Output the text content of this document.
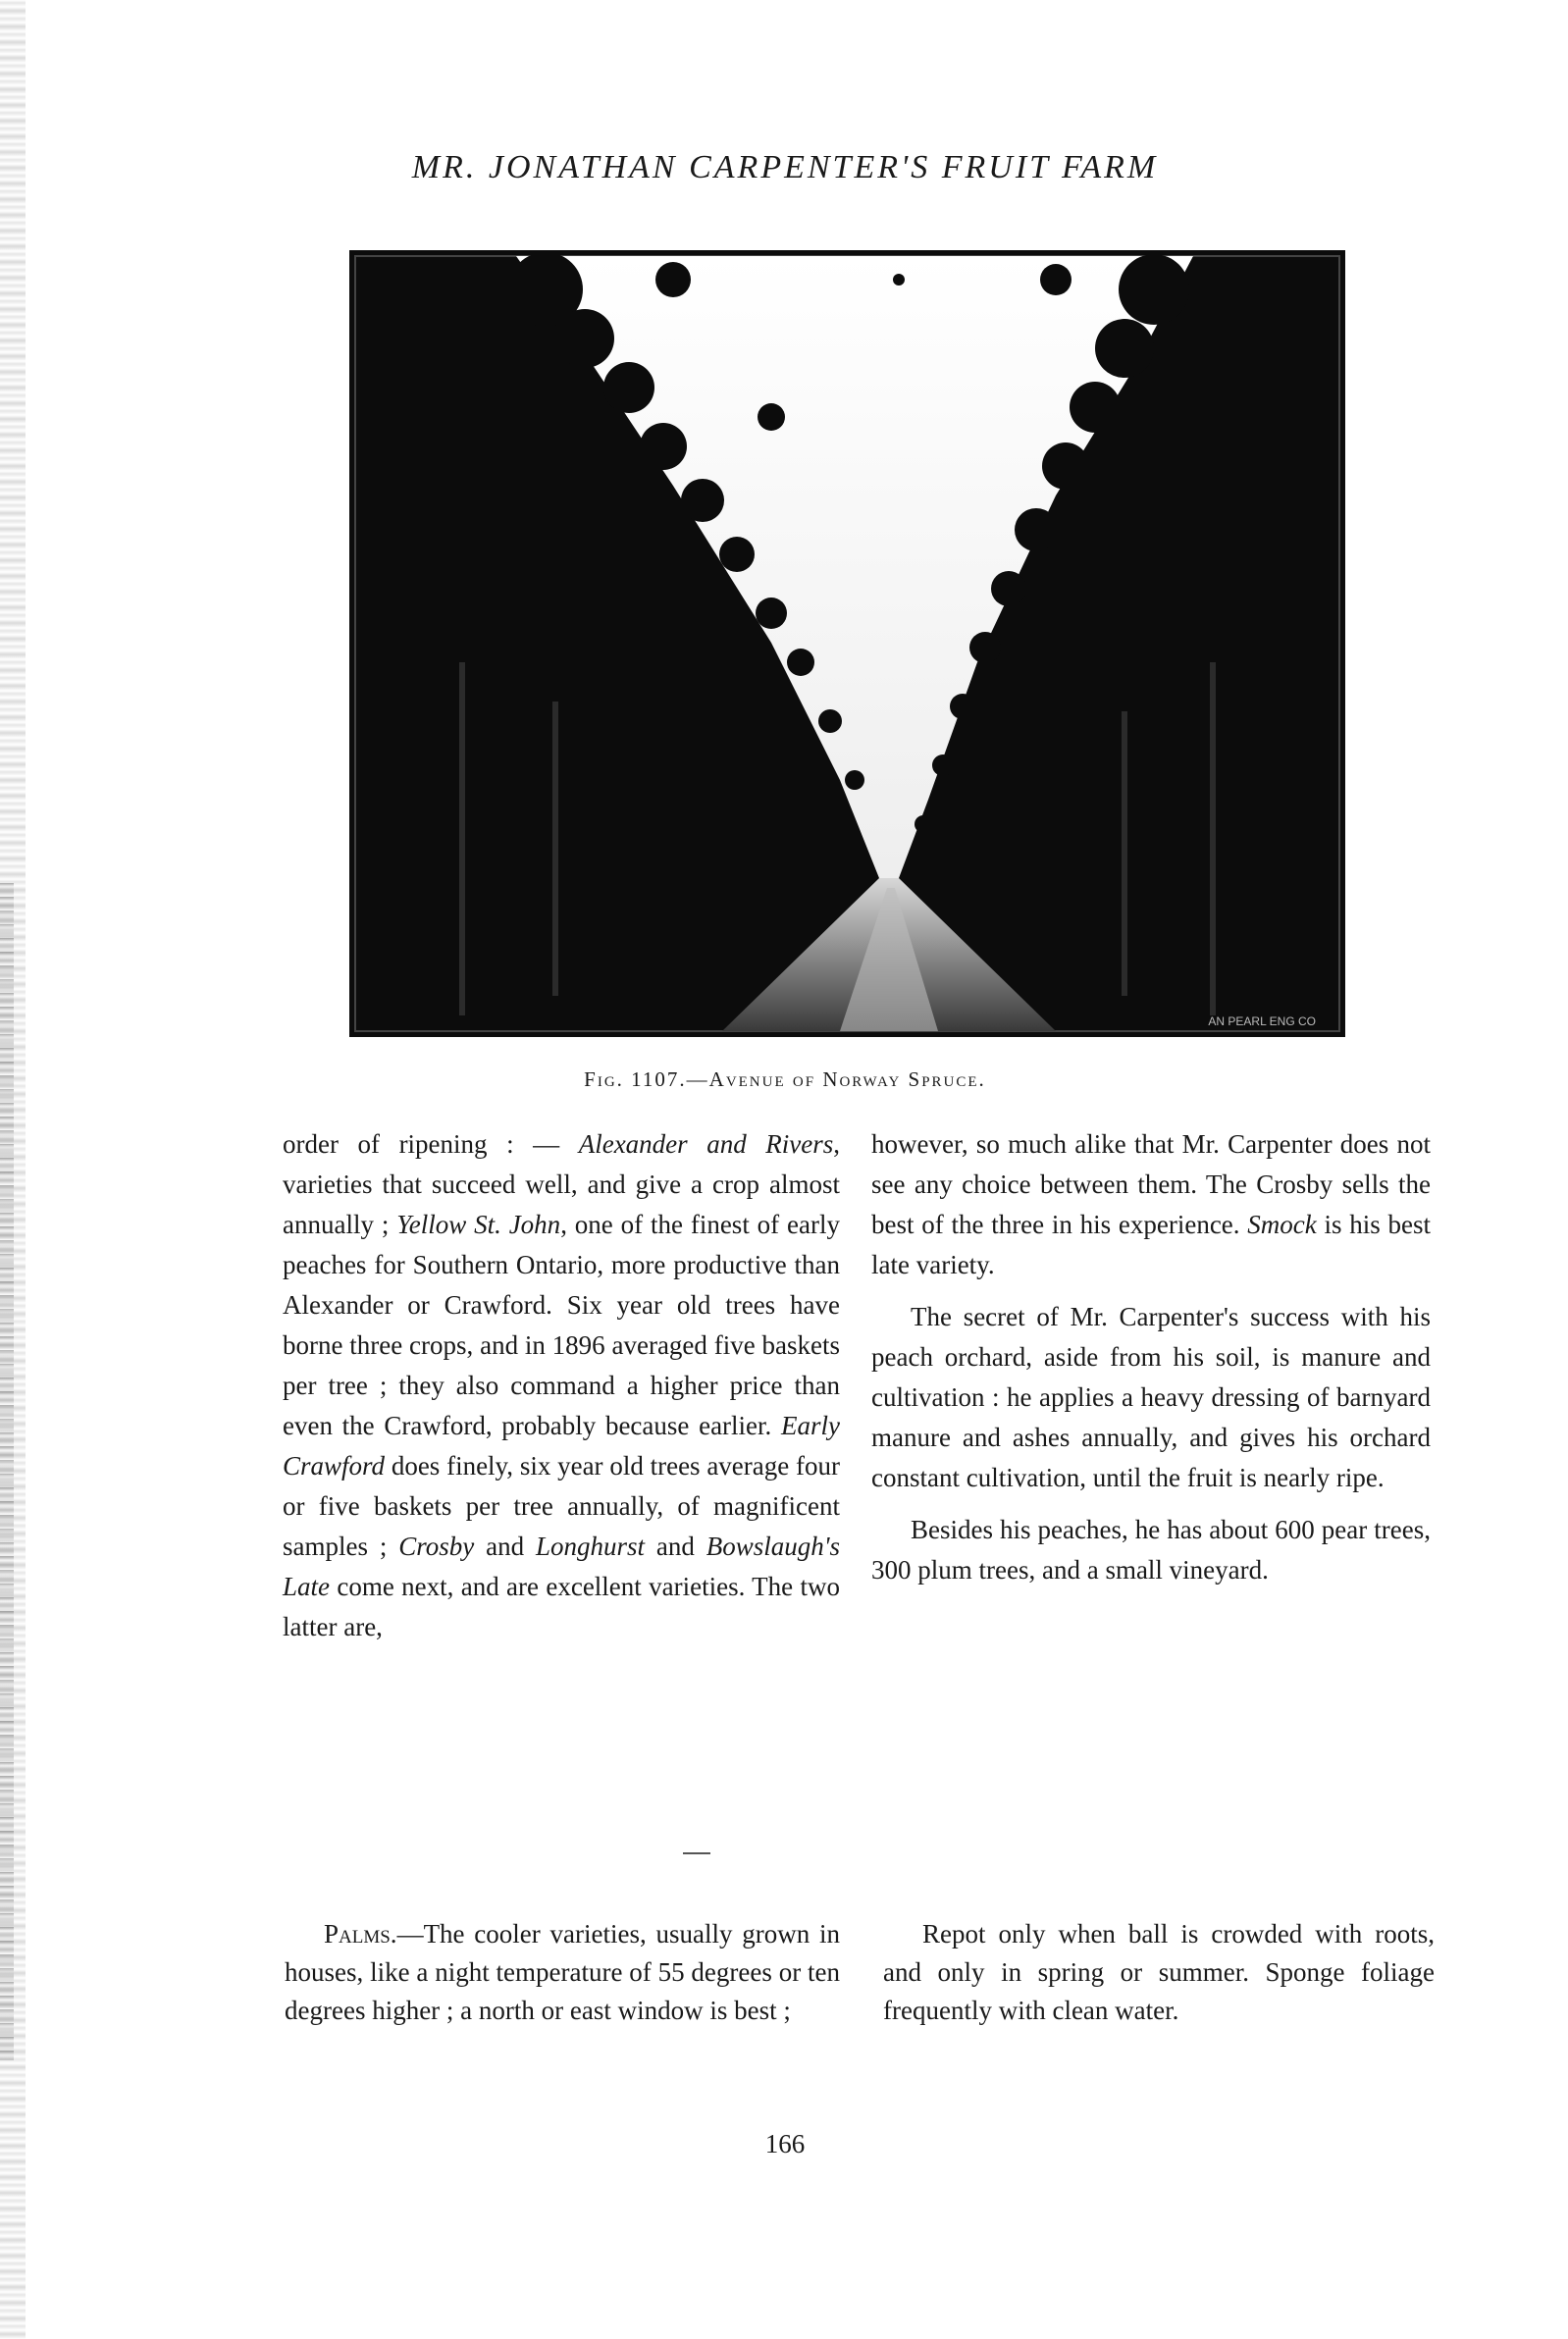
MR. JONATHAN CARPENTER'S FRUIT FARM
AN PEARL ENG CO
Fig. 1107.—Avenue of Norway Spruce.

order of ripening : — Alexander and Rivers, varieties that succeed well, and give a crop almost annually ; Yellow St. John, one of the finest of early peaches for Southern Ontario, more productive than Alexander or Crawford. Six year old trees have borne three crops, and in 1896 averaged five baskets per tree ; they also command a higher price than even the Crawford, probably because earlier. Early Crawford does finely, six year old trees average four or five baskets per tree annually, of magnificent samples ; Crosby and Longhurst and Bowslaugh's Late come next, and are excellent varieties. The two latter are,

however, so much alike that Mr. Carpenter does not see any choice between them. The Crosby sells the best of the three in his experience. Smock is his best late variety.

The secret of Mr. Carpenter's success with his peach orchard, aside from his soil, is manure and cultivation : he applies a heavy dressing of barnyard manure and ashes annually, and gives his orchard constant cultivation, until the fruit is nearly ripe.

Besides his peaches, he has about 600 pear trees, 300 plum trees, and a small vineyard.

Palms.—The cooler varieties, usually grown in houses, like a night temperature of 55 degrees or ten degrees higher ; a north or east window is best ;

Repot only when ball is crowded with roots, and only in spring or summer. Sponge foliage frequently with clean water.

166
